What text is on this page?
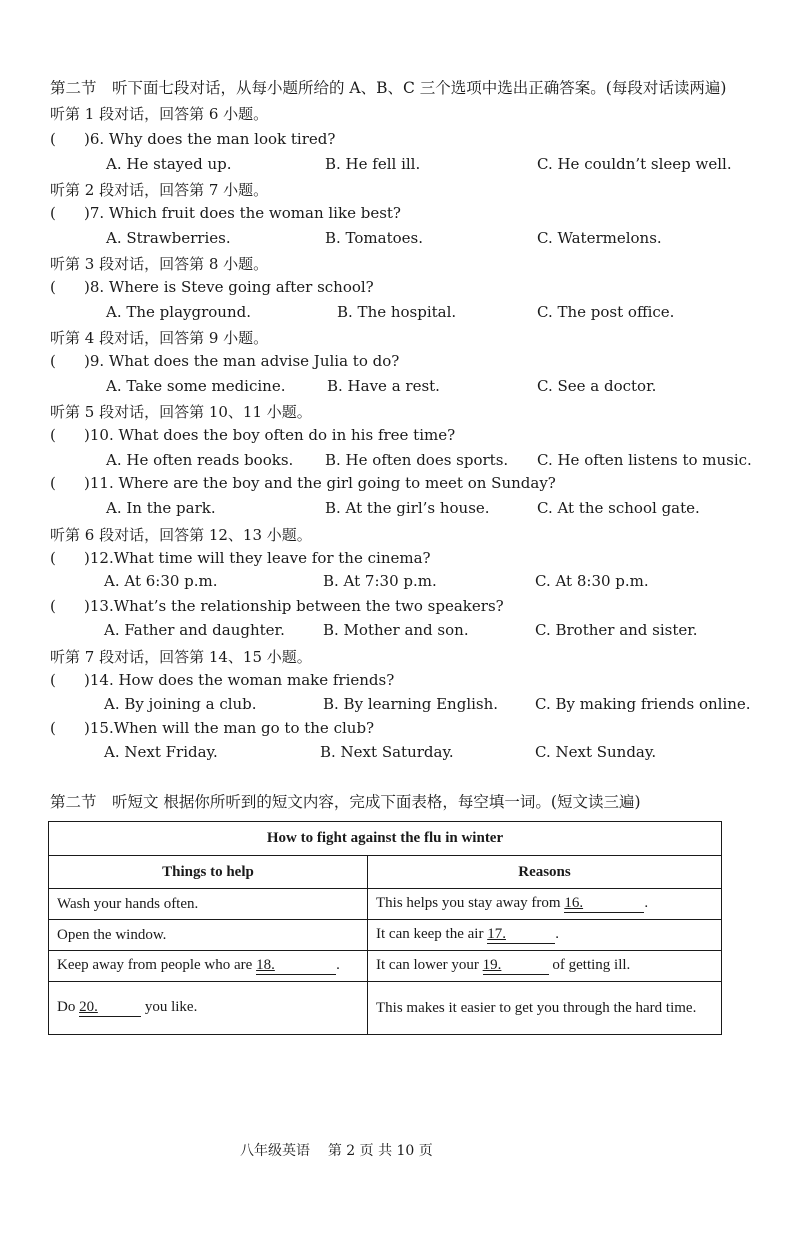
第二节　听下面七段对话，从每小题所给的 A、B、C 三个选项中选出正确答案。(每段对话读两遍)
听第 1 段对话，回答第 6 小题。
( )6. Why does the man look tired?
A. He stayed up.	B. He fell ill.	C. He couldn’t sleep well.
听第 2 段对话，回答第 7 小题。
( )7. Which fruit does the woman like best?
A. Strawberries.	B. Tomatoes.	C. Watermelons.
听第 3 段对话，回答第 8 小题。
( )8. Where is Steve going after school?
A. The playground.	B. The hospital.	C. The post office.
听第 4 段对话，回答第 9 小题。
( )9. What does the man advise Julia to do?
A. Take some medicine.	B. Have a rest.	C. See a doctor.
听第 5 段对话，回答第 10、11 小题。
( )10. What does the boy often do in his free time?
A. He often reads books. B. He often does sports. C. He often listens to music.
( )11. Where are the boy and the girl going to meet on Sunday?
A. In the park.	B. At the girl’s house.	C. At the school gate.
听第 6 段对话，回答第 12、13 小题。
( )12.What time will they leave for the cinema?
A. At 6:30 p.m.	B. At 7:30 p.m.	C. At 8:30 p.m.
( )13.What’s the relationship between the two speakers?
A. Father and daughter.	B. Mother and son.	C. Brother and sister.
听第 7 段对话，回答第 14、15 小题。
( )14. How does the woman make friends?
A. By joining a club.	B. By learning English. C. By making friends online.
( )15.When will the man go to the club?
A. Next Friday.	B. Next Saturday.	C. Next Sunday.
第二节　听短文 根据你所听到的短文内容，完成下面表格，每空填一词。(短文读三遍)
How to fight against the flu in winter	
Things to help	Reasons
Wash your hands often.	This helps you stay away from 16. .
Open the window.	It can keep the air 17. .
Keep away from people who are 18. .	It can lower your 19. of getting ill.
Do 20. you like.	This makes it easier to get you through the hard time.
八年级英语 第 2 页 共 10 页
